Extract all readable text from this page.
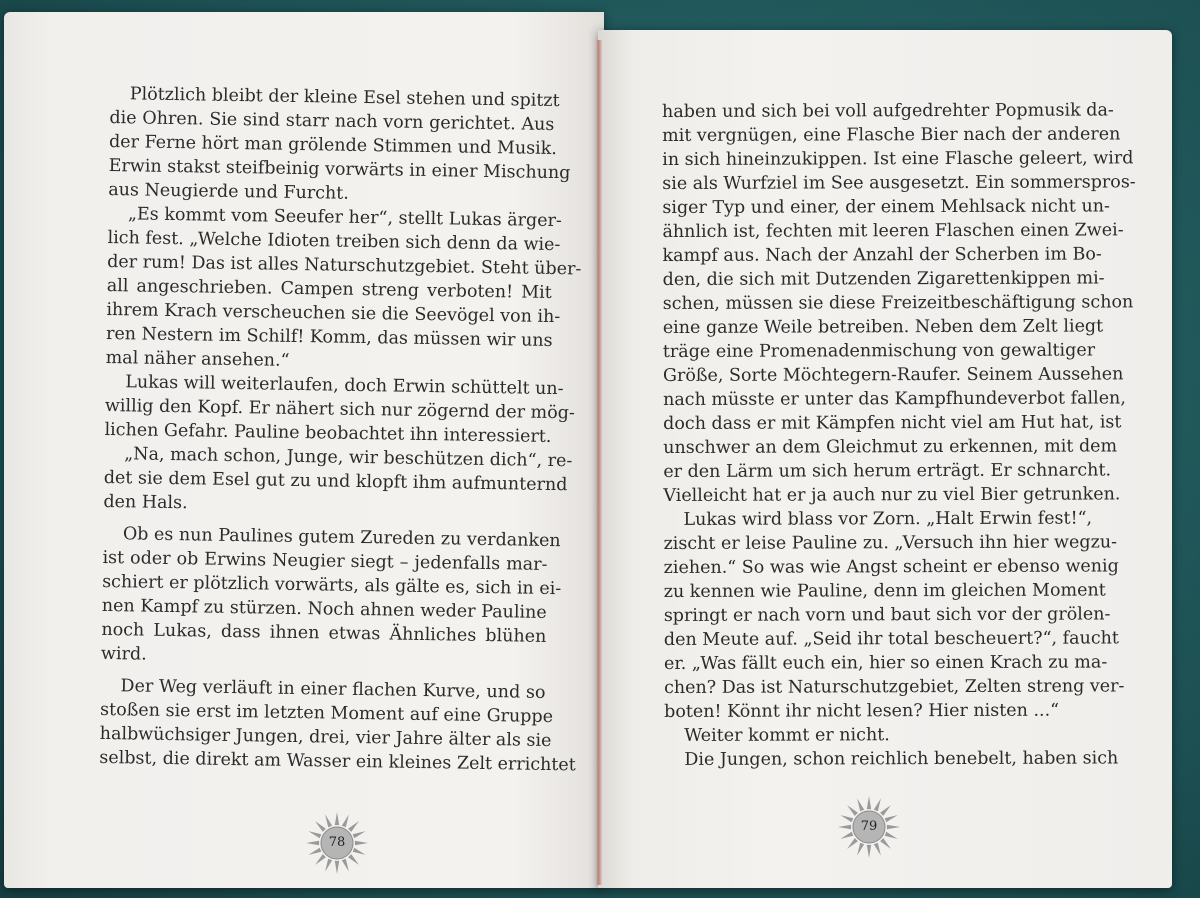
Plötzlich bleibt der kleine Esel stehen und spitzt
die Ohren. Sie sind starr nach vorn gerichtet. Aus
der Ferne hört man grölende Stimmen und Musik.
Erwin stakst steifbeinig vorwärts in einer Mischung
aus Neugierde und Furcht.
„Es kommt vom Seeufer her“, stellt Lukas ärger-
lich fest. „Welche Idioten treiben sich denn da wie-
der rum! Das ist alles Naturschutzgebiet. Steht über-
all angeschrieben. Campen streng verboten! Mit
ihrem Krach verscheuchen sie die Seevögel von ih-
ren Nestern im Schilf! Komm, das müssen wir uns
mal näher ansehen.“
Lukas will weiterlaufen, doch Erwin schüttelt un-
willig den Kopf. Er nähert sich nur zögernd der mög-
lichen Gefahr. Pauline beobachtet ihn interessiert.
„Na, mach schon, Junge, wir beschützen dich“, re-
det sie dem Esel gut zu und klopft ihm aufmunternd
den Hals.
Ob es nun Paulines gutem Zureden zu verdanken
ist oder ob Erwins Neugier siegt – jedenfalls mar-
schiert er plötzlich vorwärts, als gälte es, sich in ei-
nen Kampf zu stürzen. Noch ahnen weder Pauline
noch Lukas, dass ihnen etwas Ähnliches blühen
wird.
Der Weg verläuft in einer flachen Kurve, und so
stoßen sie erst im letzten Moment auf eine Gruppe
halbwüchsiger Jungen, drei, vier Jahre älter als sie
selbst, die direkt am Wasser ein kleines Zelt errichtet
haben und sich bei voll aufgedrehter Popmusik da-
mit vergnügen, eine Flasche Bier nach der anderen
in sich hineinzukippen. Ist eine Flasche geleert, wird
sie als Wurfziel im See ausgesetzt. Ein sommerspros-
siger Typ und einer, der einem Mehlsack nicht un-
ähnlich ist, fechten mit leeren Flaschen einen Zwei-
kampf aus. Nach der Anzahl der Scherben im Bo-
den, die sich mit Dutzenden Zigarettenkippen mi-
schen, müssen sie diese Freizeitbeschäftigung schon
eine ganze Weile betreiben. Neben dem Zelt liegt
träge eine Promenadenmischung von gewaltiger
Größe, Sorte Möchtegern-Raufer. Seinem Aussehen
nach müsste er unter das Kampfhundeverbot fallen,
doch dass er mit Kämpfen nicht viel am Hut hat, ist
unschwer an dem Gleichmut zu erkennen, mit dem
er den Lärm um sich herum erträgt. Er schnarcht.
Vielleicht hat er ja auch nur zu viel Bier getrunken.
Lukas wird blass vor Zorn. „Halt Erwin fest!“,
zischt er leise Pauline zu. „Versuch ihn hier wegzu-
ziehen.“ So was wie Angst scheint er ebenso wenig
zu kennen wie Pauline, denn im gleichen Moment
springt er nach vorn und baut sich vor der grölen-
den Meute auf. „Seid ihr total bescheuert?“, faucht
er. „Was fällt euch ein, hier so einen Krach zu ma-
chen? Das ist Naturschutzgebiet, Zelten streng ver-
boten! Könnt ihr nicht lesen? Hier nisten ...“
Weiter kommt er nicht.
Die Jungen, schon reichlich benebelt, haben sich
78
79
